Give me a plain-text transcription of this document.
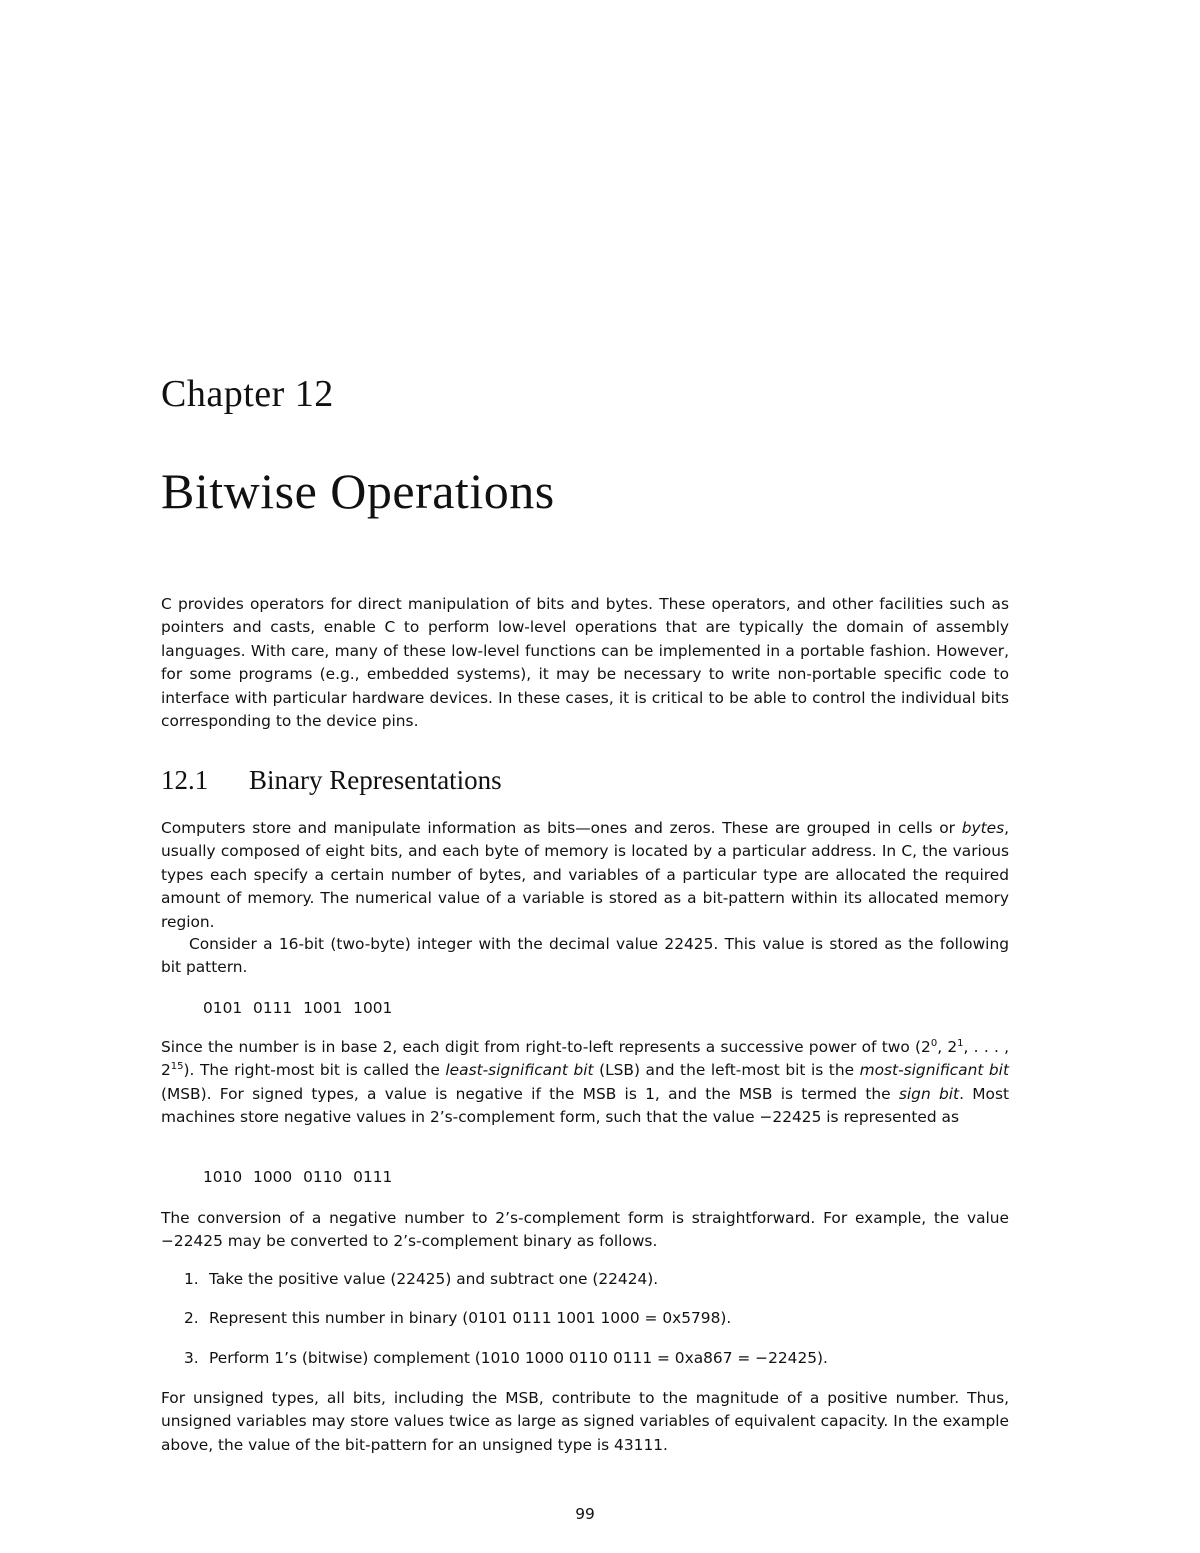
Chapter 12
Bitwise Operations

C provides operators for direct manipulation of bits and bytes. These operators, and other facilities such as pointers and casts, enable C to perform low-level operations that are typically the domain of assembly languages. With care, many of these low-level functions can be implemented in a portable fashion. However, for some programs (e.g., embedded systems), it may be necessary to write non-portable specific code to interface with particular hardware devices. In these cases, it is critical to be able to control the individual bits corresponding to the device pins.

12.1 Binary Representations

Computers store and manipulate information as bits—ones and zeros. These are grouped in cells or bytes, usually composed of eight bits, and each byte of memory is located by a particular address. In C, the various types each specify a certain number of bytes, and variables of a particular type are allocated the required amount of memory. The numerical value of a variable is stored as a bit-pattern within its allocated memory region.

Consider a 16-bit (two-byte) integer with the decimal value 22425. This value is stored as the following bit pattern.

0101 0111 1001 1001

Since the number is in base 2, each digit from right-to-left represents a successive power of two ($2^0$, $2^1$, . . . , $2^{15}$). The right-most bit is called the least-significant bit (LSB) and the left-most bit is the most-significant bit (MSB). For signed types, a value is negative if the MSB is 1, and the MSB is termed the sign bit. Most machines store negative values in 2’s-complement form, such that the value −22425 is represented as

1010 1000 0110 0111

The conversion of a negative number to 2’s-complement form is straightforward. For example, the value −22425 may be converted to 2’s-complement binary as follows.

1. Take the positive value (22425) and subtract one (22424).
2. Represent this number in binary (0101 0111 1001 1000 = 0x5798).
3. Perform 1’s (bitwise) complement (1010 1000 0110 0111 = 0xa867 = −22425).

For unsigned types, all bits, including the MSB, contribute to the magnitude of a positive number. Thus, unsigned variables may store values twice as large as signed variables of equivalent capacity. In the example above, the value of the bit-pattern for an unsigned type is 43111.

99
